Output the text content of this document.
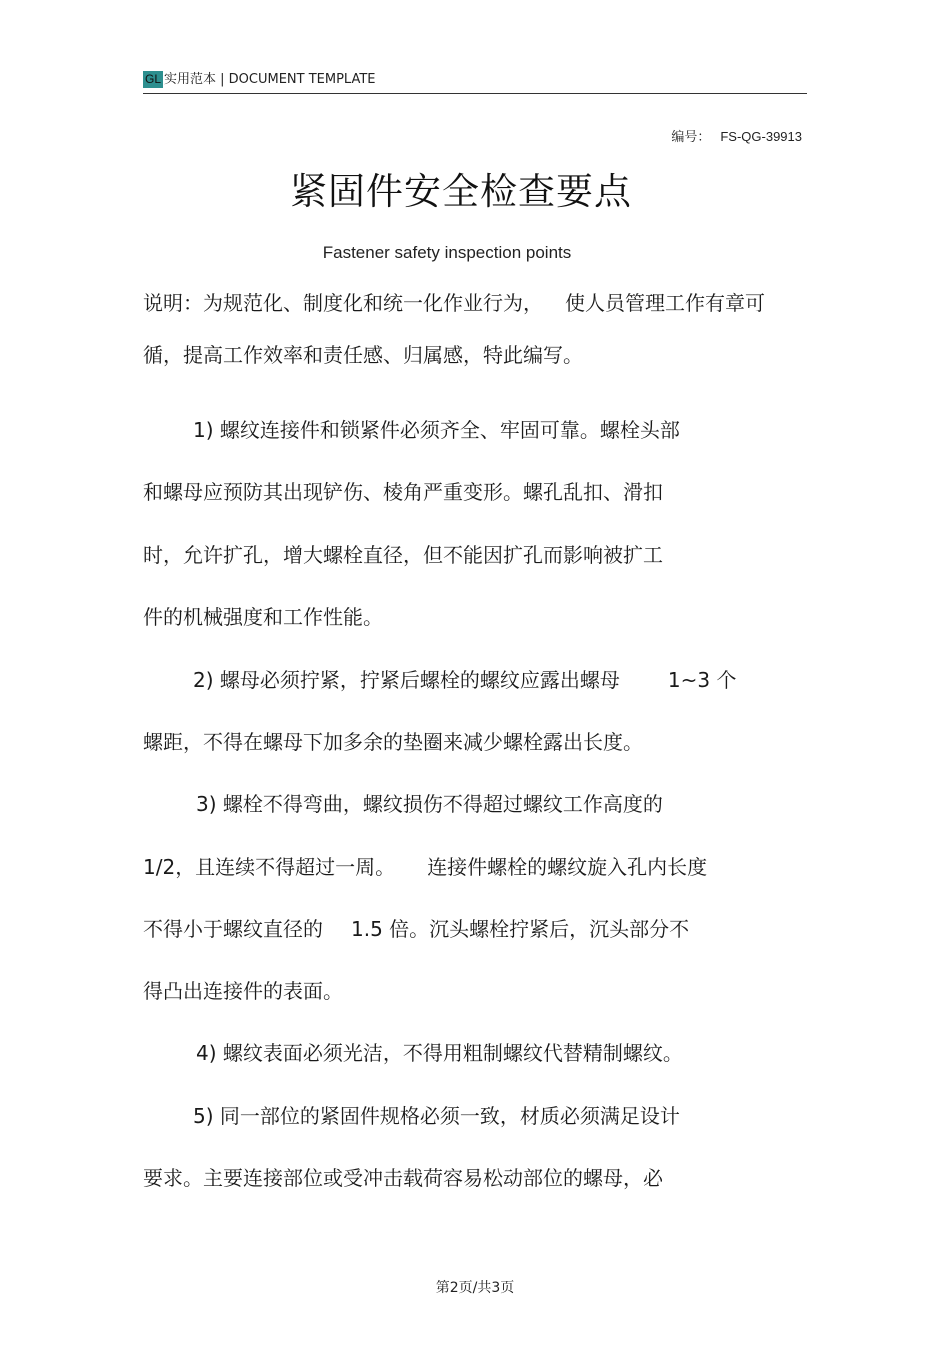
GL 实用范本 | DOCUMENT TEMPLATE
编号： FS-QG-39913
紧固件安全检查要点
Fastener safety inspection points
说明：为规范化、制度化和统一化作业行为， 使人员管理工作有章可
循，提高工作效率和责任感、归属感，特此编写。
1) 螺纹连接件和锁紧件必须齐全、牢固可靠。螺栓头部
和螺母应预防其出现铲伤、棱角严重变形。螺孔乱扣、滑扣
时，允许扩孔，增大螺栓直径，但不能因扩孔而影响被扩工
件的机械强度和工作性能。
2) 螺母必须拧紧，拧紧后螺栓的螺纹应露出螺母 1~3 个
螺距，不得在螺母下加多余的垫圈来减少螺栓露出长度。
3) 螺栓不得弯曲，螺纹损伤不得超过螺纹工作高度的
1/2，且连续不得超过一周。 连接件螺栓的螺纹旋入孔内长度
不得小于螺纹直径的 1.5 倍。沉头螺栓拧紧后，沉头部分不
得凸出连接件的表面。
4) 螺纹表面必须光洁，不得用粗制螺纹代替精制螺纹。
5) 同一部位的紧固件规格必须一致，材质必须满足设计
要求。主要连接部位或受冲击载荷容易松动部位的螺母，必
第2页/共3页
